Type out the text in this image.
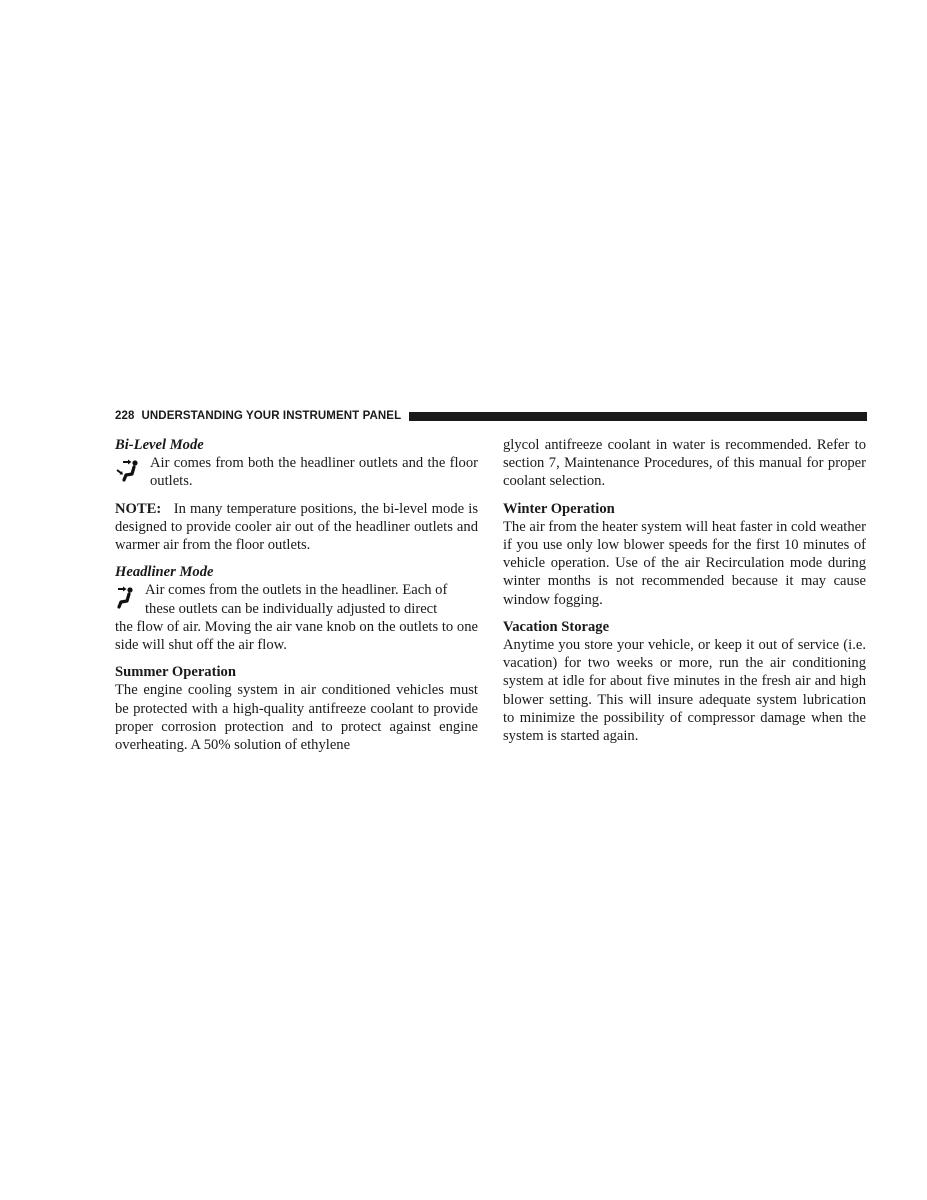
228 UNDERSTANDING YOUR INSTRUMENT PANEL

Bi-Level Mode

Air comes from both the headliner outlets and the floor outlets.

NOTE: In many temperature positions, the bi-level mode is designed to provide cooler air out of the headliner outlets and warmer air from the floor outlets.

Headliner Mode

Air comes from the outlets in the headliner. Each of

these outlets can be individually adjusted to direct

the flow of air. Moving the air vane knob on the outlets to one side will shut off the air flow.

Summer Operation

The engine cooling system in air conditioned vehicles must be protected with a high-quality antifreeze coolant to provide proper corrosion protection and to protect against engine overheating. A 50% solution of ethylene

glycol antifreeze coolant in water is recommended. Refer to section 7, Maintenance Procedures, of this manual for proper coolant selection.

Winter Operation

The air from the heater system will heat faster in cold weather if you use only low blower speeds for the first 10 minutes of vehicle operation. Use of the air Recirculation mode during winter months is not recommended because it may cause window fogging.

Vacation Storage

Anytime you store your vehicle, or keep it out of service (i.e. vacation) for two weeks or more, run the air conditioning system at idle for about five minutes in the fresh air and high blower setting. This will insure adequate system lubrication to minimize the possibility of compressor damage when the system is started again.
